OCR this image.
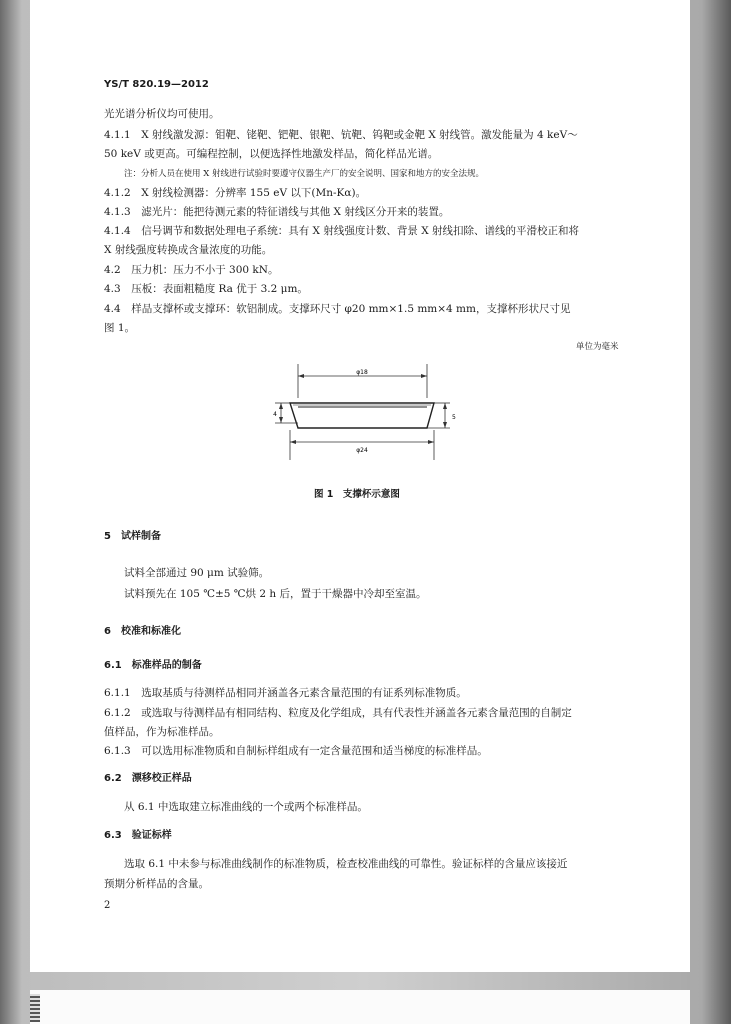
YS/T 820.19—2012
光光谱分析仪均可使用。
4.1.1　X 射线激发源：钼靶、铑靶、钯靶、银靶、钪靶、钨靶或金靶 X 射线管。激发能量为 4 keV～
50 keV 或更高。可编程控制，以便选择性地激发样品，简化样品光谱。
注：分析人员在使用 X 射线进行试验时要遵守仪器生产厂的安全说明、国家和地方的安全法规。
4.1.2　X 射线检测器：分辨率 155 eV 以下(Mn-Kα)。
4.1.3　滤光片：能把待测元素的特征谱线与其他 X 射线区分开来的装置。
4.1.4　信号调节和数据处理电子系统：具有 X 射线强度计数、背景 X 射线扣除、谱线的平滑校正和将
X 射线强度转换成含量浓度的功能。
4.2　压力机：压力不小于 300 kN。
4.3　压板：表面粗糙度 Ra 优于 3.2 μm。
4.4　样品支撑杯或支撑环：软铝制成。支撑环尺寸 φ20 mm×1.5 mm×4 mm，支撑杯形状尺寸见
图 1。
单位为毫米
φ18
4	5
φ24
图 1　支撑杯示意图
5　试样制备
试料全部通过 90 μm 试验筛。
试料预先在 105 ℃±5 ℃烘 2 h 后，置于干燥器中冷却至室温。
6　校准和标准化
6.1　标准样品的制备
6.1.1　选取基质与待测样品相同并涵盖各元素含量范围的有证系列标准物质。
6.1.2　或选取与待测样品有相同结构、粒度及化学组成，具有代表性并涵盖各元素含量范围的自制定
值样品，作为标准样品。
6.1.3　可以选用标准物质和自制标样组成有一定含量范围和适当梯度的标准样品。
6.2　漂移校正样品
从 6.1 中选取建立标准曲线的一个或两个标准样品。
6.3　验证标样
选取 6.1 中未参与标准曲线制作的标准物质，检查校准曲线的可靠性。验证标样的含量应该接近
预期分析样品的含量。
2
